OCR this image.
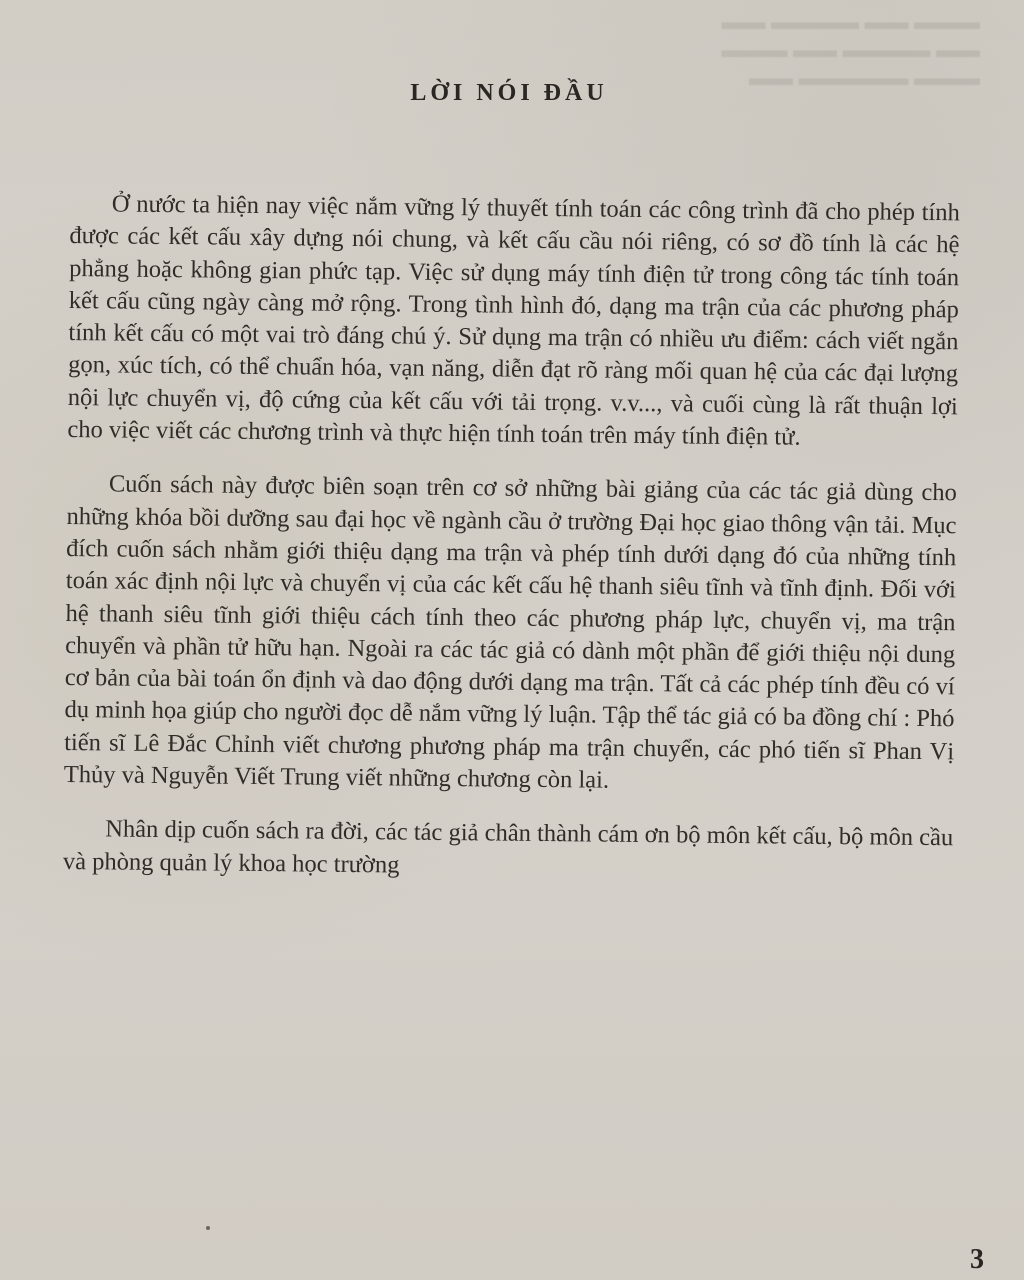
▬▬▬ ▬▬ ▬▬▬▬ ▬▬
▬▬ ▬▬▬▬ ▬▬ ▬▬▬
▬▬▬ ▬▬▬▬▬ ▬▬
LỜI NÓI ĐẦU

Ở nước ta hiện nay việc nắm vững lý thuyết tính toán các công trình đã cho phép tính được các kết cấu xây dựng nói chung, và kết cấu cầu nói riêng, có sơ đồ tính là các hệ phẳng hoặc không gian phức tạp. Việc sử dụng máy tính điện tử trong công tác tính toán kết cấu cũng ngày càng mở rộng. Trong tình hình đó, dạng ma trận của các phương pháp tính kết cấu có một vai trò đáng chú ý. Sử dụng ma trận có nhiều ưu điểm: cách viết ngắn gọn, xúc tích, có thể chuẩn hóa, vạn năng, diễn đạt rõ ràng mối quan hệ của các đại lượng nội lực chuyển vị, độ cứng của kết cấu với tải trọng. v.v..., và cuối cùng là rất thuận lợi cho việc viết các chương trình và thực hiện tính toán trên máy tính điện tử.

Cuốn sách này được biên soạn trên cơ sở những bài giảng của các tác giả dùng cho những khóa bồi dưỡng sau đại học về ngành cầu ở trường Đại học giao thông vận tải. Mục đích cuốn sách nhằm giới thiệu dạng ma trận và phép tính dưới dạng đó của những tính toán xác định nội lực và chuyển vị của các kết cấu hệ thanh siêu tĩnh và tĩnh định. Đối với hệ thanh siêu tĩnh giới thiệu cách tính theo các phương pháp lực, chuyển vị, ma trận chuyển và phần tử hữu hạn. Ngoài ra các tác giả có dành một phần để giới thiệu nội dung cơ bản của bài toán ổn định và dao động dưới dạng ma trận. Tất cả các phép tính đều có ví dụ minh họa giúp cho người đọc dễ nắm vững lý luận. Tập thể tác giả có ba đồng chí : Phó tiến sĩ Lê Đắc Chỉnh viết chương phương pháp ma trận chuyển, các phó tiến sĩ Phan Vị Thủy và Nguyễn Viết Trung viết những chương còn lại.

Nhân dịp cuốn sách ra đời, các tác giả chân thành cám ơn bộ môn kết cấu, bộ môn cầu và phòng quản lý khoa học trường

3
